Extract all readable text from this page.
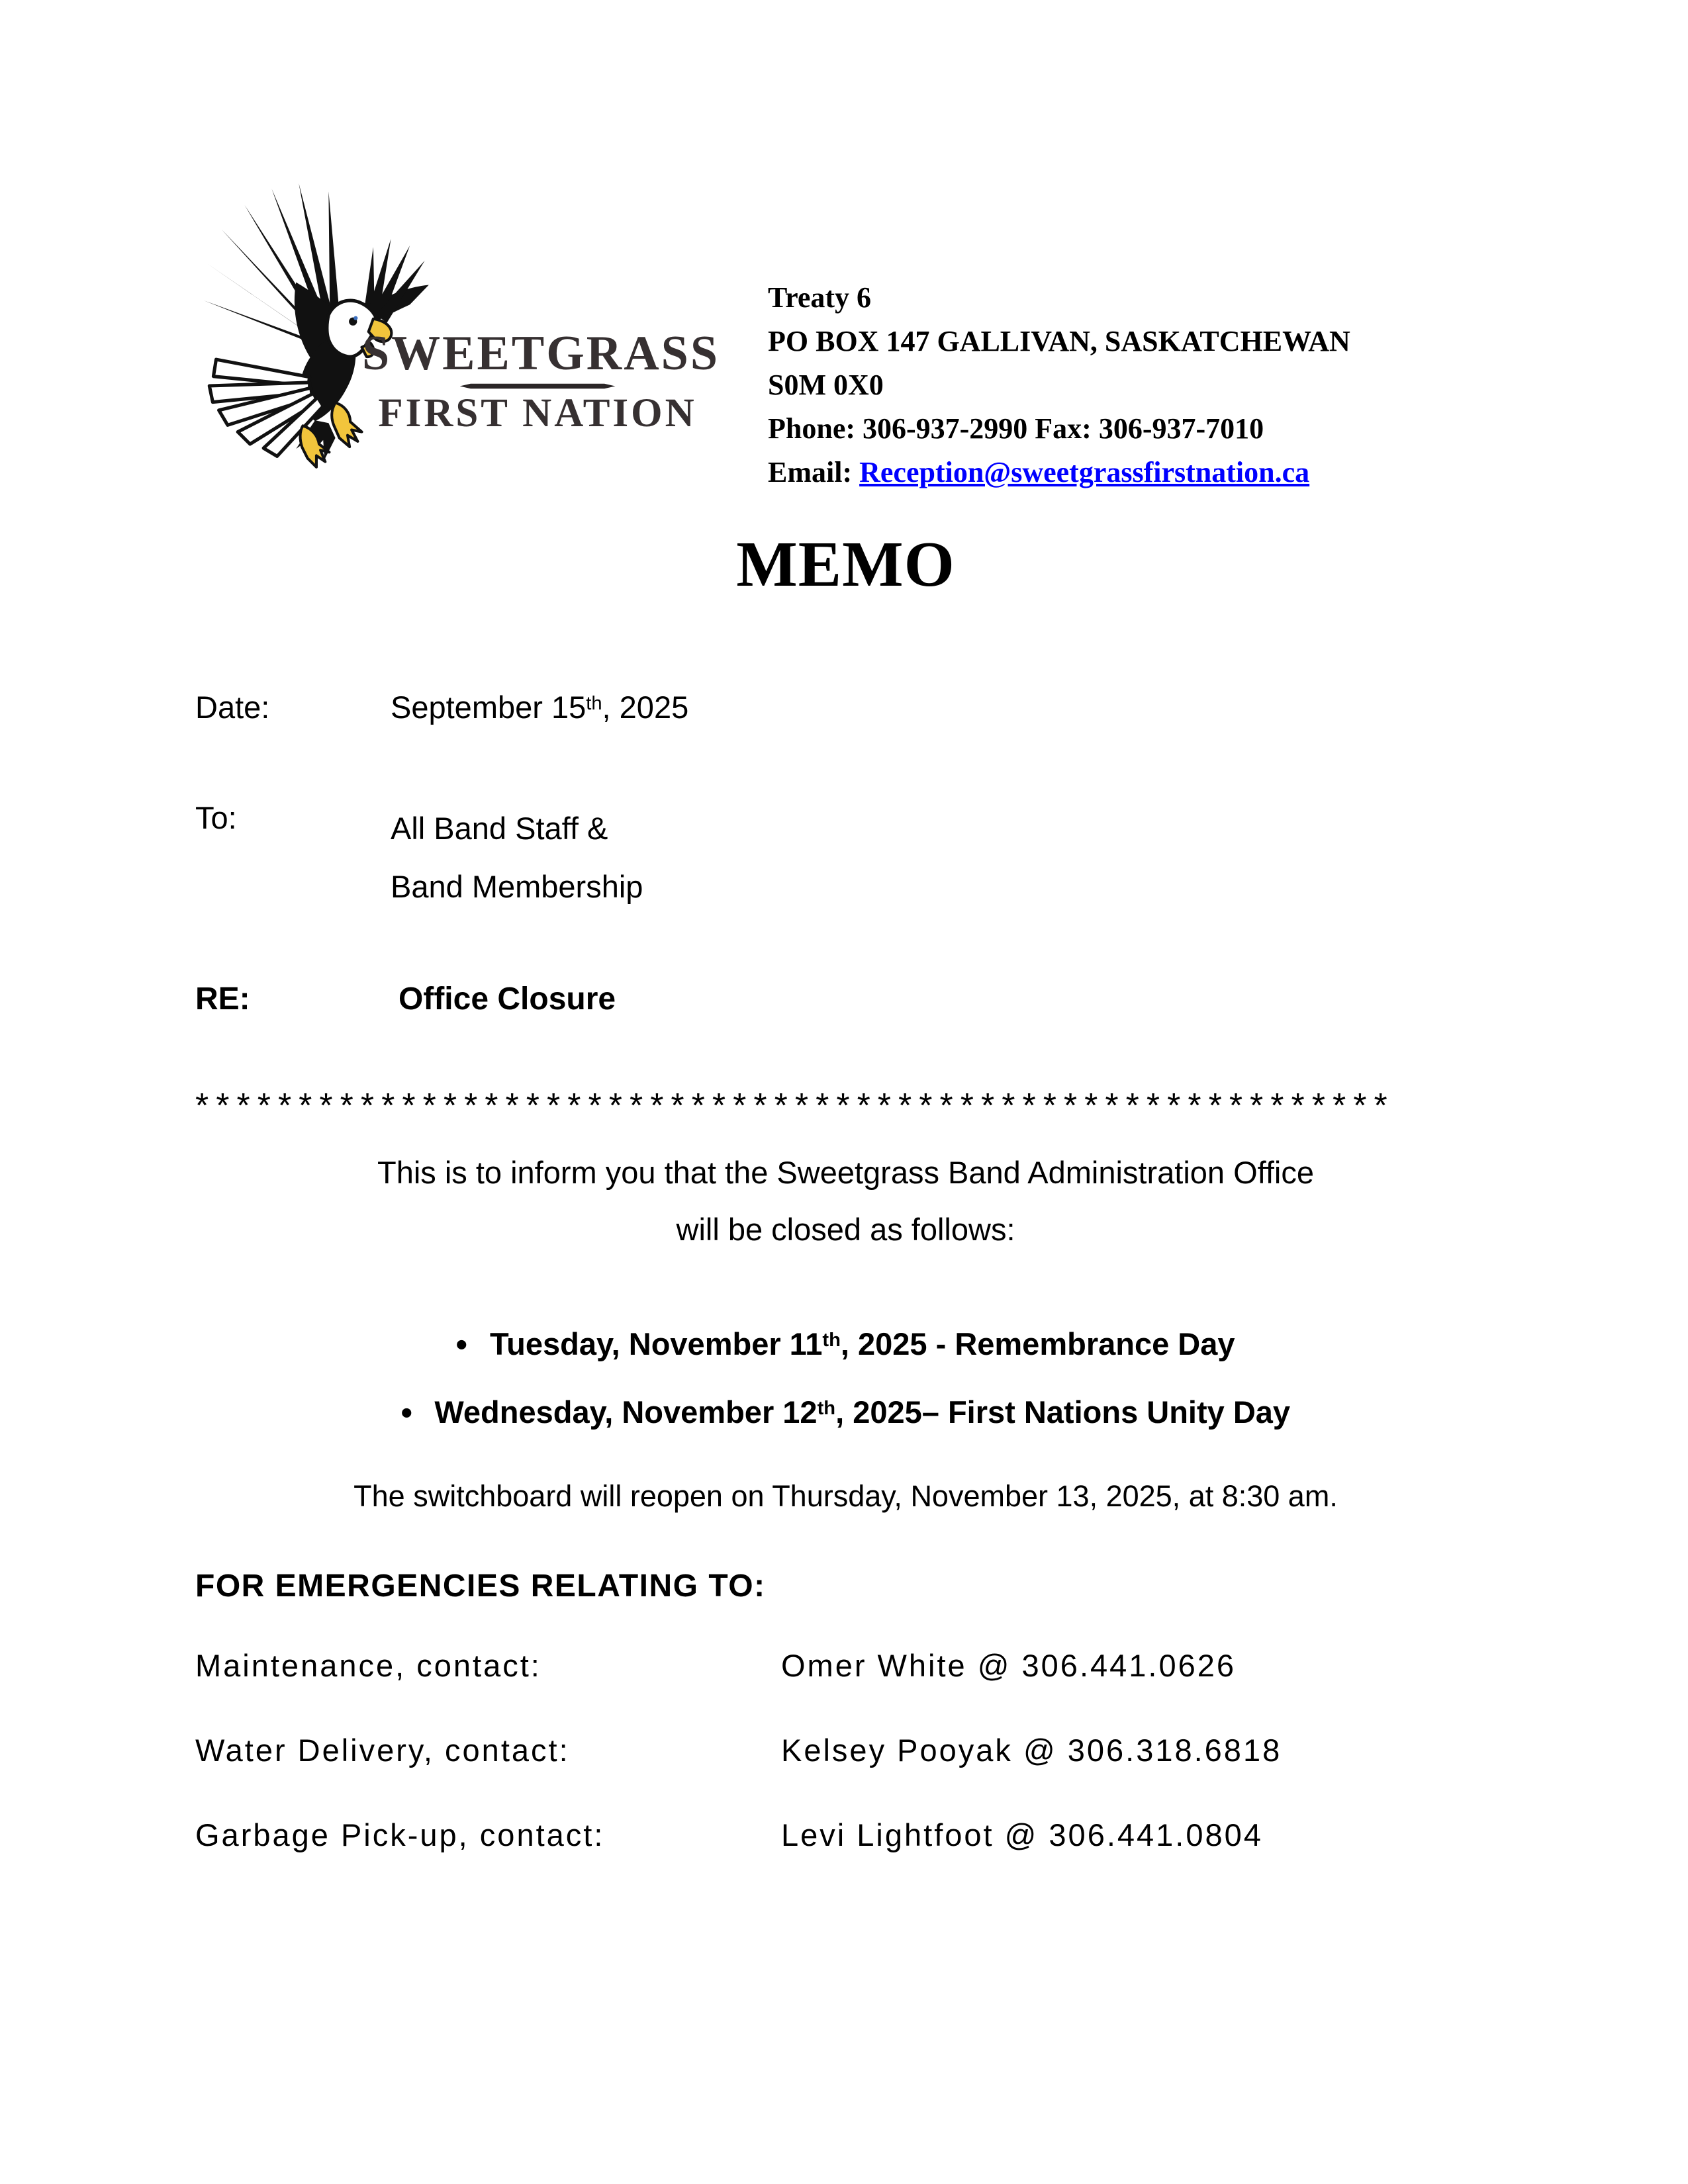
SWEETGRASS
FIRST NATION
Treaty 6
PO BOX 147 GALLIVAN, SASKATCHEWAN
S0M 0X0
Phone: 306-937-2990 Fax: 306-937-7010
Email: Reception@sweetgrassfirstnation.ca
MEMO
Date:	September 15th, 2025
To:	All Band Staff &
Band Membership
RE:	Office Closure
**********************************************************
This is to inform you that the Sweetgrass Band Administration Office
will be closed as follows:
• Tuesday, November 11th, 2025 - Remembrance Day
• Wednesday, November 12th, 2025– First Nations Unity Day
The switchboard will reopen on Thursday, November 13, 2025, at 8:30 am.
FOR EMERGENCIES RELATING TO:
Maintenance, contact:	Omer White @ 306.441.0626
Water Delivery, contact:	Kelsey Pooyak @ 306.318.6818
Garbage Pick-up, contact:	Levi Lightfoot @ 306.441.0804
